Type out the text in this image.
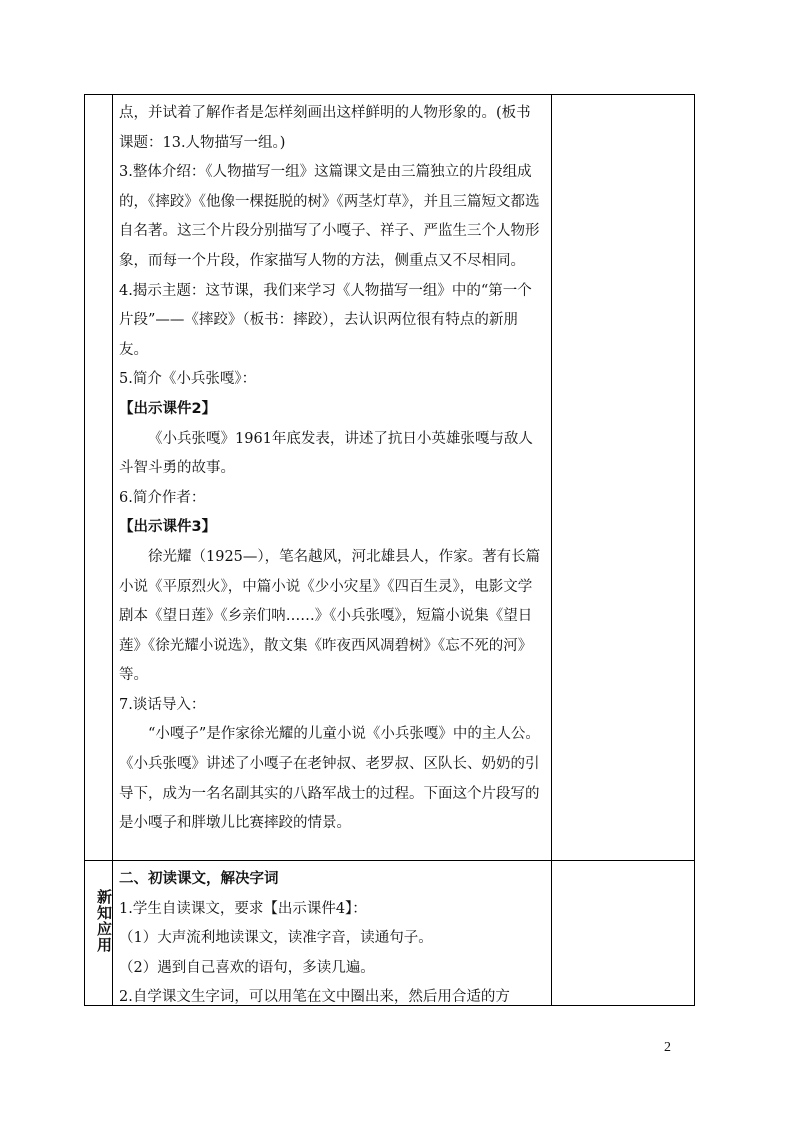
点，并试着了解作者是怎样刻画出这样鲜明的人物形象的。(板书课题：13.人物描写一组。)

3.整体介绍：《人物描写一组》这篇课文是由三篇独立的片段组成的，《摔跤》《他像一棵挺脱的树》《两茎灯草》，并且三篇短文都选自名著。这三个片段分别描写了小嘎子、祥子、严监生三个人物形象，而每一个片段，作家描写人物的方法，侧重点又不尽相同。

4.揭示主题：这节课，我们来学习《人物描写一组》中的“第一个片段”——《摔跤》（板书：摔跤），去认识两位很有特点的新朋友。

5.简介《小兵张嘎》：

【出示课件2】

《小兵张嘎》1961年底发表，讲述了抗日小英雄张嘎与敌人斗智斗勇的故事。

6.简介作者：

【出示课件3】

徐光耀（1925—），笔名越风，河北雄县人，作家。著有长篇小说《平原烈火》，中篇小说《少小灾星》《四百生灵》，电影文学剧本《望日莲》《乡亲们呐……》《小兵张嘎》，短篇小说集《望日莲》《徐光耀小说选》，散文集《昨夜西风凋碧树》《忘不死的河》等。

7.谈话导入：

“小嘎子”是作家徐光耀的儿童小说《小兵张嘎》中的主人公。《小兵张嘎》讲述了小嘎子在老钟叔、老罗叔、区队长、奶奶的引导下，成为一名名副其实的八路军战士的过程。下面这个片段写的是小嘎子和胖墩儿比赛摔跤的情景。

新知应用

二、初读课文，解决字词

1.学生自读课文，要求【出示课件4】：

（1）大声流利地读课文，读准字音，读通句子。

（2）遇到自己喜欢的语句，多读几遍。

2.自学课文生字词，可以用笔在文中圈出来，然后用合适的方

2
